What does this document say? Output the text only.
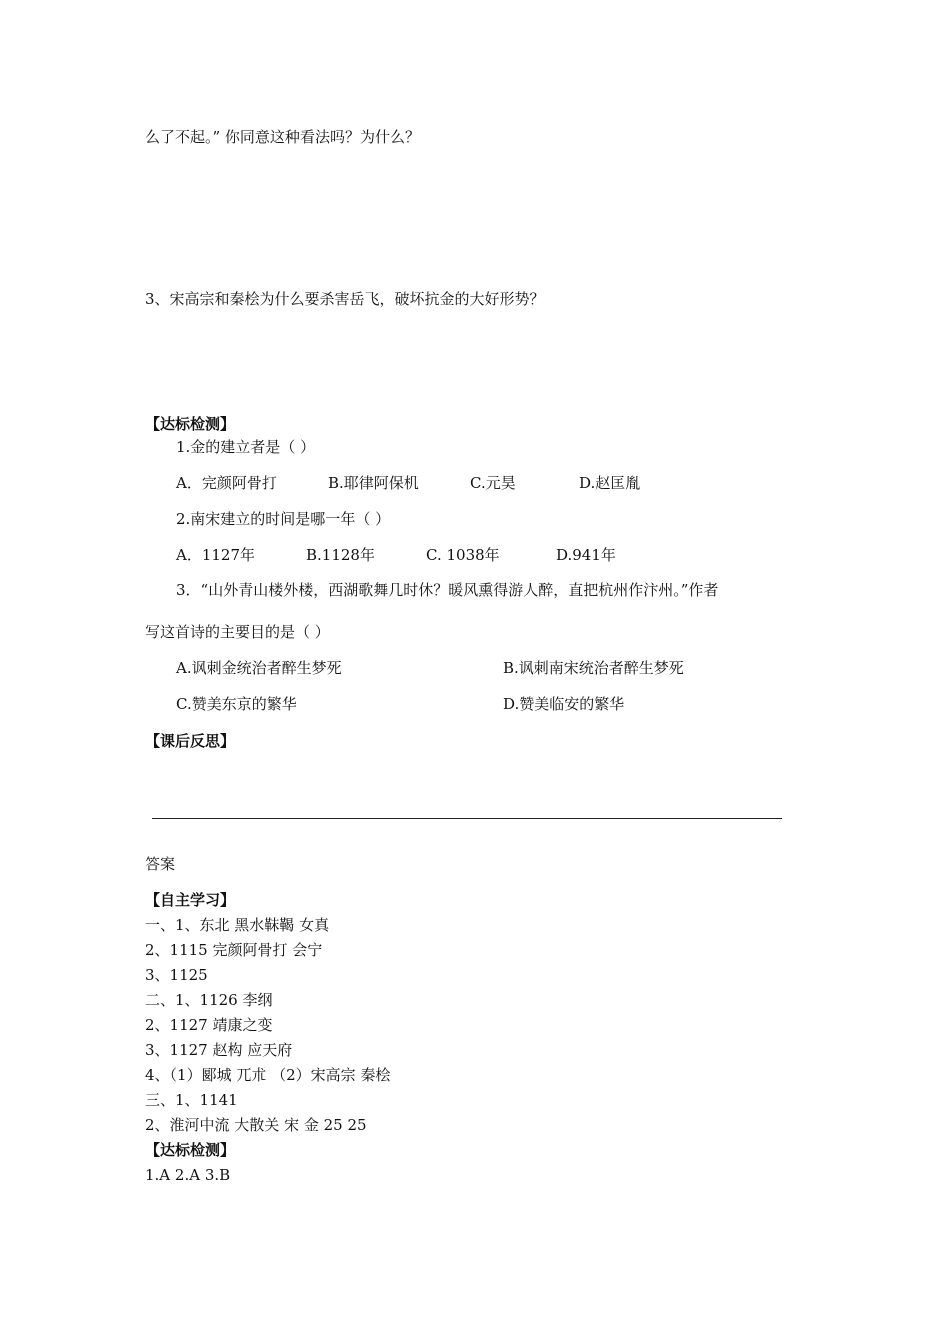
么了不起。” 你同意这种看法吗？为什么？
3、宋高宗和秦桧为什么要杀害岳飞，破坏抗金的大好形势？
【达标检测】
1.金的建立者是（ ）
A．完颜阿骨打	B.耶律阿保机	C.元昊	D.赵匡胤
2.南宋建立的时间是哪一年（ ）
A．1127年	B.1128年	C. 1038年	D.941年
3．“山外青山楼外楼，西湖歌舞几时休？暖风熏得游人醉，直把杭州作汴州。”作者
写这首诗的主要目的是（ ）
A.讽刺金统治者醉生梦死	B.讽刺南宋统治者醉生梦死
C.赞美东京的繁华	D.赞美临安的繁华
【课后反思】
答案
【自主学习】
一、1、东北 黑水靺鞨 女真
2、1115 完颜阿骨打 会宁
3、1125
二、1、1126 李纲
2、1127 靖康之变
3、1127 赵构 应天府
4、（1）郾城 兀朮 （2）宋高宗 秦桧
三、1、1141
2、淮河中流 大散关 宋 金 25 25
【达标检测】
1.A 2.A 3.B
